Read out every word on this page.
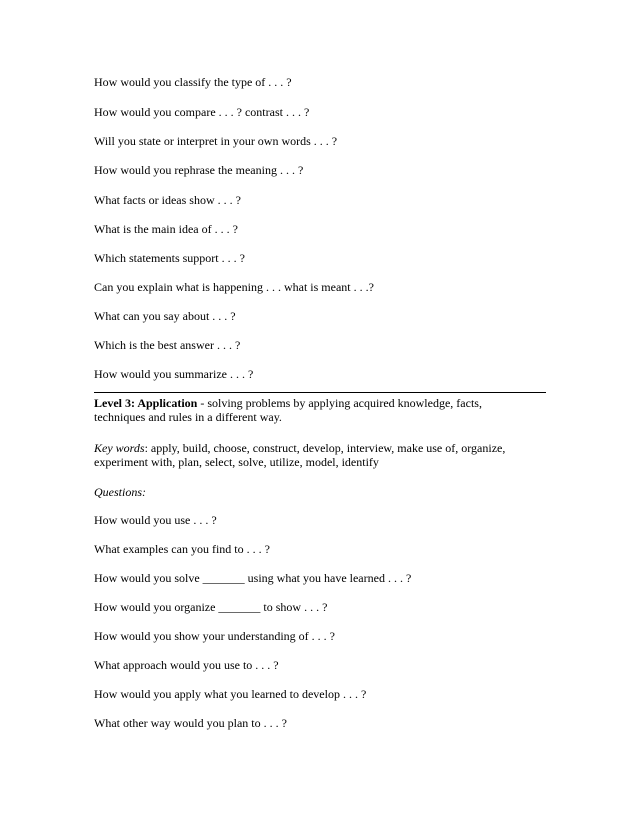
How would you classify the type of . . . ?
How would you compare . . . ? contrast . . . ?
Will you state or interpret in your own words . . . ?
How would you rephrase the meaning . . . ?
What facts or ideas show . . . ?
What is the main idea of . . . ?
Which statements support . . . ?
Can you explain what is happening . . . what is meant . . .?
What can you say about . . . ?
Which is the best answer . . . ?
How would you summarize . . . ?
Level 3: Application - solving problems by applying acquired knowledge, facts,
techniques and rules in a different way.
Key words: apply, build, choose, construct, develop, interview, make use of, organize,
experiment with, plan, select, solve, utilize, model, identify
Questions:
How would you use . . . ?
What examples can you find to . . . ?
How would you solve _______ using what you have learned . . . ?
How would you organize _______ to show . . . ?
How would you show your understanding of . . . ?
What approach would you use to . . . ?
How would you apply what you learned to develop . . . ?
What other way would you plan to . . . ?
